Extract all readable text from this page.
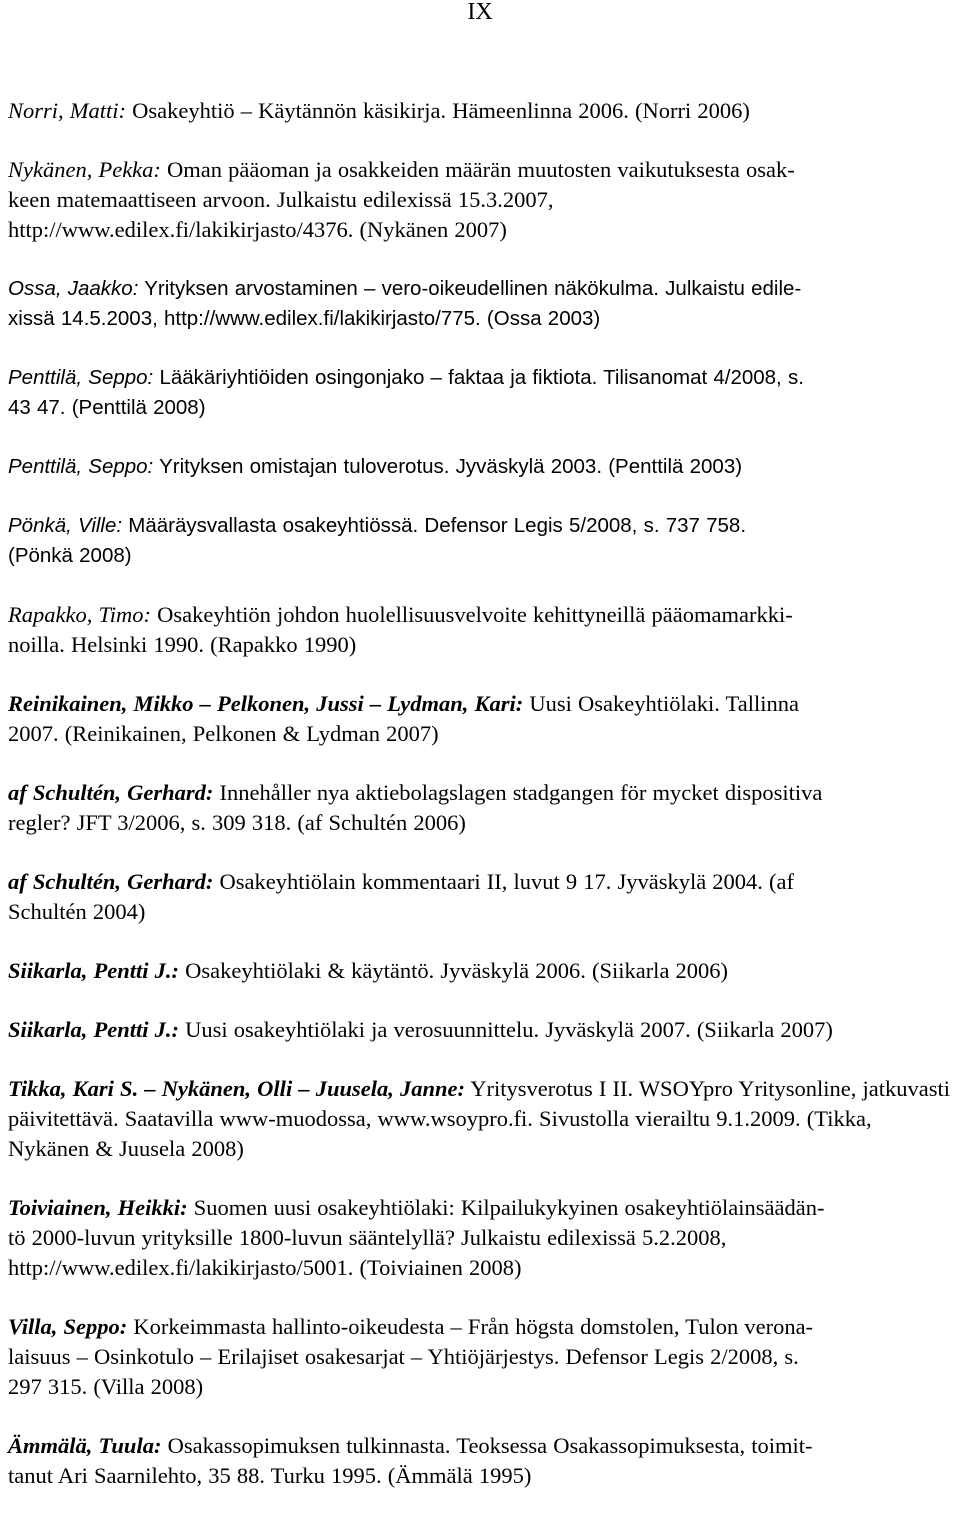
IX

Norri, Matti: Osakeyhtiö – Käytännön käsikirja. Hämeenlinna 2006. (Norri 2006)

Nykänen, Pekka: Oman pääoman ja osakkeiden määrän muutosten vaikutuksesta osak-
keen matemaattiseen arvoon. Julkaistu edilexissä 15.3.2007,
http://www.edilex.fi/lakikirjasto/4376. (Nykänen 2007)

Ossa, Jaakko: Yrityksen arvostaminen – vero-oikeudellinen näkökulma. Julkaistu edile-
xissä 14.5.2003, http://www.edilex.fi/lakikirjasto/775. (Ossa 2003)

Penttilä, Seppo: Lääkäriyhtiöiden osingonjako – faktaa ja fiktiota. Tilisanomat 4/2008, s.
43 47. (Penttilä 2008)

Penttilä, Seppo: Yrityksen omistajan tuloverotus. Jyväskylä 2003. (Penttilä 2003)

Pönkä, Ville: Määräysvallasta osakeyhtiössä. Defensor Legis 5/2008, s. 737 758.
(Pönkä 2008)

Rapakko, Timo: Osakeyhtiön johdon huolellisuusvelvoite kehittyneillä pääomamarkki-
noilla. Helsinki 1990. (Rapakko 1990)

Reinikainen, Mikko – Pelkonen, Jussi – Lydman, Kari: Uusi Osakeyhtiölaki. Tallinna
2007. (Reinikainen, Pelkonen & Lydman 2007)

af Schultén, Gerhard: Innehåller nya aktiebolagslagen stadgangen för mycket dispositiva
regler? JFT 3/2006, s. 309 318. (af Schultén 2006)

af Schultén, Gerhard: Osakeyhtiölain kommentaari II, luvut 9 17. Jyväskylä 2004. (af
Schultén 2004)

Siikarla, Pentti J.: Osakeyhtiölaki & käytäntö. Jyväskylä 2006. (Siikarla 2006)

Siikarla, Pentti J.: Uusi osakeyhtiölaki ja verosuunnittelu. Jyväskylä 2007. (Siikarla 2007)

Tikka, Kari S. – Nykänen, Olli – Juusela, Janne: Yritysverotus I II. WSOYpro Yritysonline, jatkuvasti päivitettävä. Saatavilla www-muodossa, www.wsoypro.fi. Sivustolla vierailtu 9.1.2009. (Tikka, Nykänen & Juusela 2008)

Toiviainen, Heikki: Suomen uusi osakeyhtiölaki: Kilpailukykyinen osakeyhtiölainsäädän-
tö 2000-luvun yrityksille 1800-luvun sääntelyllä? Julkaistu edilexissä 5.2.2008,
http://www.edilex.fi/lakikirjasto/5001. (Toiviainen 2008)

Villa, Seppo: Korkeimmasta hallinto-oikeudesta – Från högsta domstolen, Tulon verona-
laisuus – Osinkotulo – Erilajiset osakesarjat – Yhtiöjärjestys. Defensor Legis 2/2008, s.
297 315. (Villa 2008)

Ämmälä, Tuula: Osakassopimuksen tulkinnasta. Teoksessa Osakassopimuksesta, toimit-
tanut Ari Saarnilehto, 35 88. Turku 1995. (Ämmälä 1995)
